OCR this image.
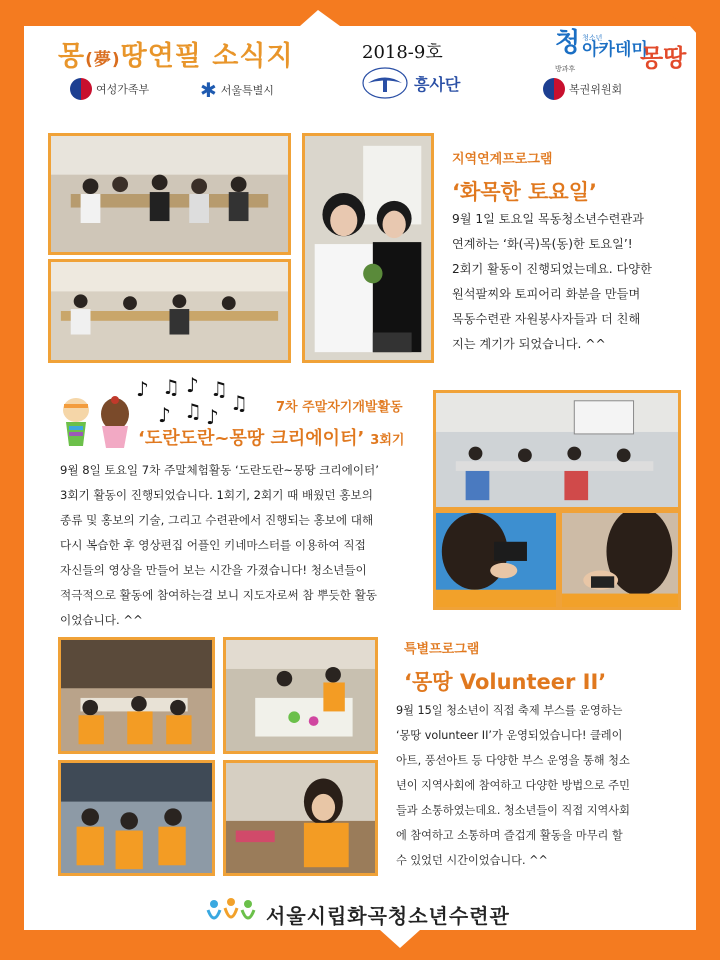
몽(夢)땅연필 소식지	2018-9호
여성가족부	✱ 서울특별시	흥사단
청 청소년
아카데미
방과후	몽땅
복권위원회
지역연계프로그램
‘화목한 토요일’
9월 1일 토요일 목동청소년수련관과
연계하는 ‘화(곡)목(동)한 토요일’!
2회기 활동이 진행되었는데요. 다양한
원석팔찌와 토피어리 화분을 만들며
목동수련관 자원봉사자들과 더 친해
지는 계기가 되었습니다. ^^
♪ ♫ ♪ ♫
♪ ♫ ♪
♫ 7차 주말자기개발활동
‘도란도란~몽땅 크리에이터’ 3회기
9월 8일 토요일 7차 주말체험활동 ‘도란도란~몽땅 크리에이터’
3회기 활동이 진행되었습니다. 1회기, 2회기 때 배웠던 홍보의
종류 및 홍보의 기술, 그리고 수련관에서 진행되는 홍보에 대해
다시 복습한 후 영상편집 어플인 키네마스터를 이용하여 직접
자신들의 영상을 만들어 보는 시간을 가졌습니다! 청소년들이
적극적으로 활동에 참여하는걸 보니 지도자로써 참 뿌듯한 활동
이었습니다. ^^
특별프로그램
‘몽땅 Volunteer II’
9월 15일 청소년이 직접 축제 부스를 운영하는
‘몽땅 volunteer II’가 운영되었습니다! 클레이
아트, 풍선아트 등 다양한 부스 운영을 통해 청소
년이 지역사회에 참여하고 다양한 방법으로 주민
들과 소통하였는데요. 청소년들이 직접 지역사회
에 참여하고 소통하며 즐겁게 활동을 마무리 할
수 있었던 시간이었습니다. ^^
서울시립화곡청소년수련관
